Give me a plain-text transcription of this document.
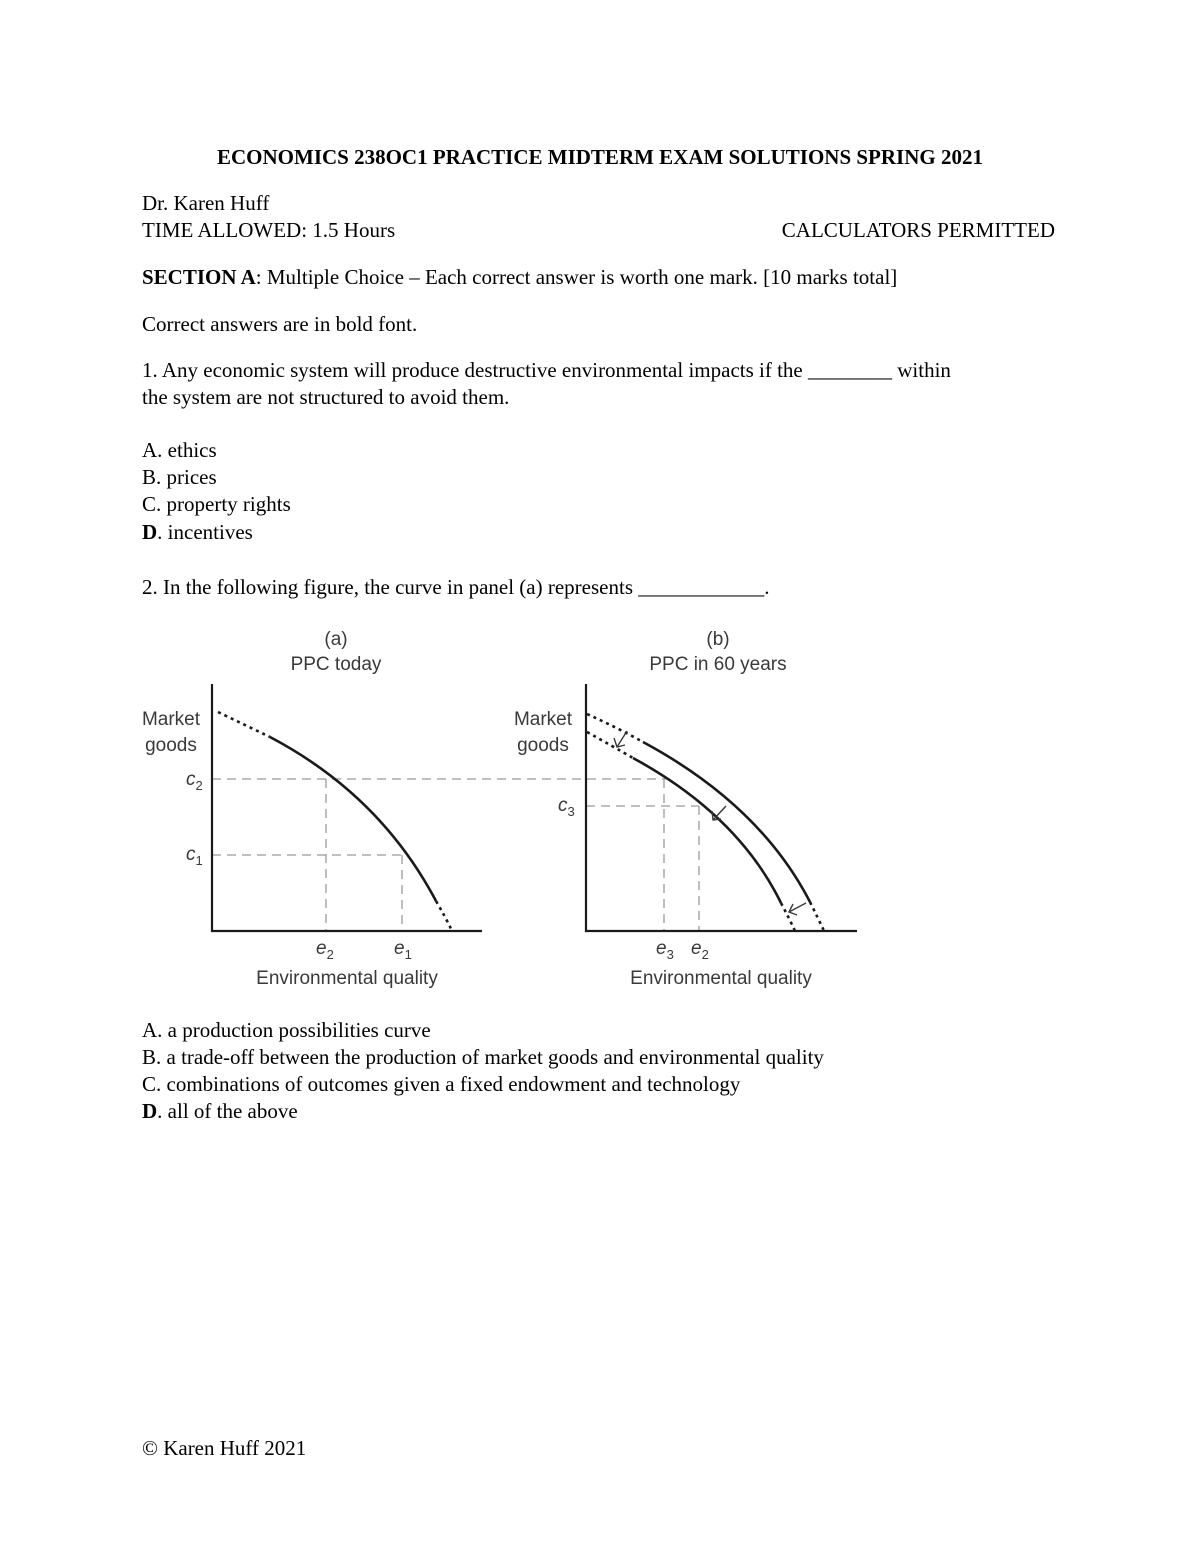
ECONOMICS 238OC1 PRACTICE MIDTERM EXAM SOLUTIONS SPRING 2021
Dr. Karen Huff
TIME ALLOWED: 1.5 Hours	CALCULATORS PERMITTED
SECTION A: Multiple Choice – Each correct answer is worth one mark. [10 marks total]
Correct answers are in bold font.
1. Any economic system will produce destructive environmental impacts if the ________ within
the system are not structured to avoid them.
A. ethics
B. prices
C. property rights
D. incentives
2. In the following figure, the curve in panel (a) represents ____________.
(a)
PPC today
(b)
PPC in 60 years
Market
goods
Market
goods
Environmental quality	Environmental quality
$c_2$
$c_1$
$e_2$	$e_1$
$c_3$
$e_3$ $e_2$
A. a production possibilities curve
B. a trade-off between the production of market goods and environmental quality
C. combinations of outcomes given a fixed endowment and technology
D. all of the above
© Karen Huff 2021
